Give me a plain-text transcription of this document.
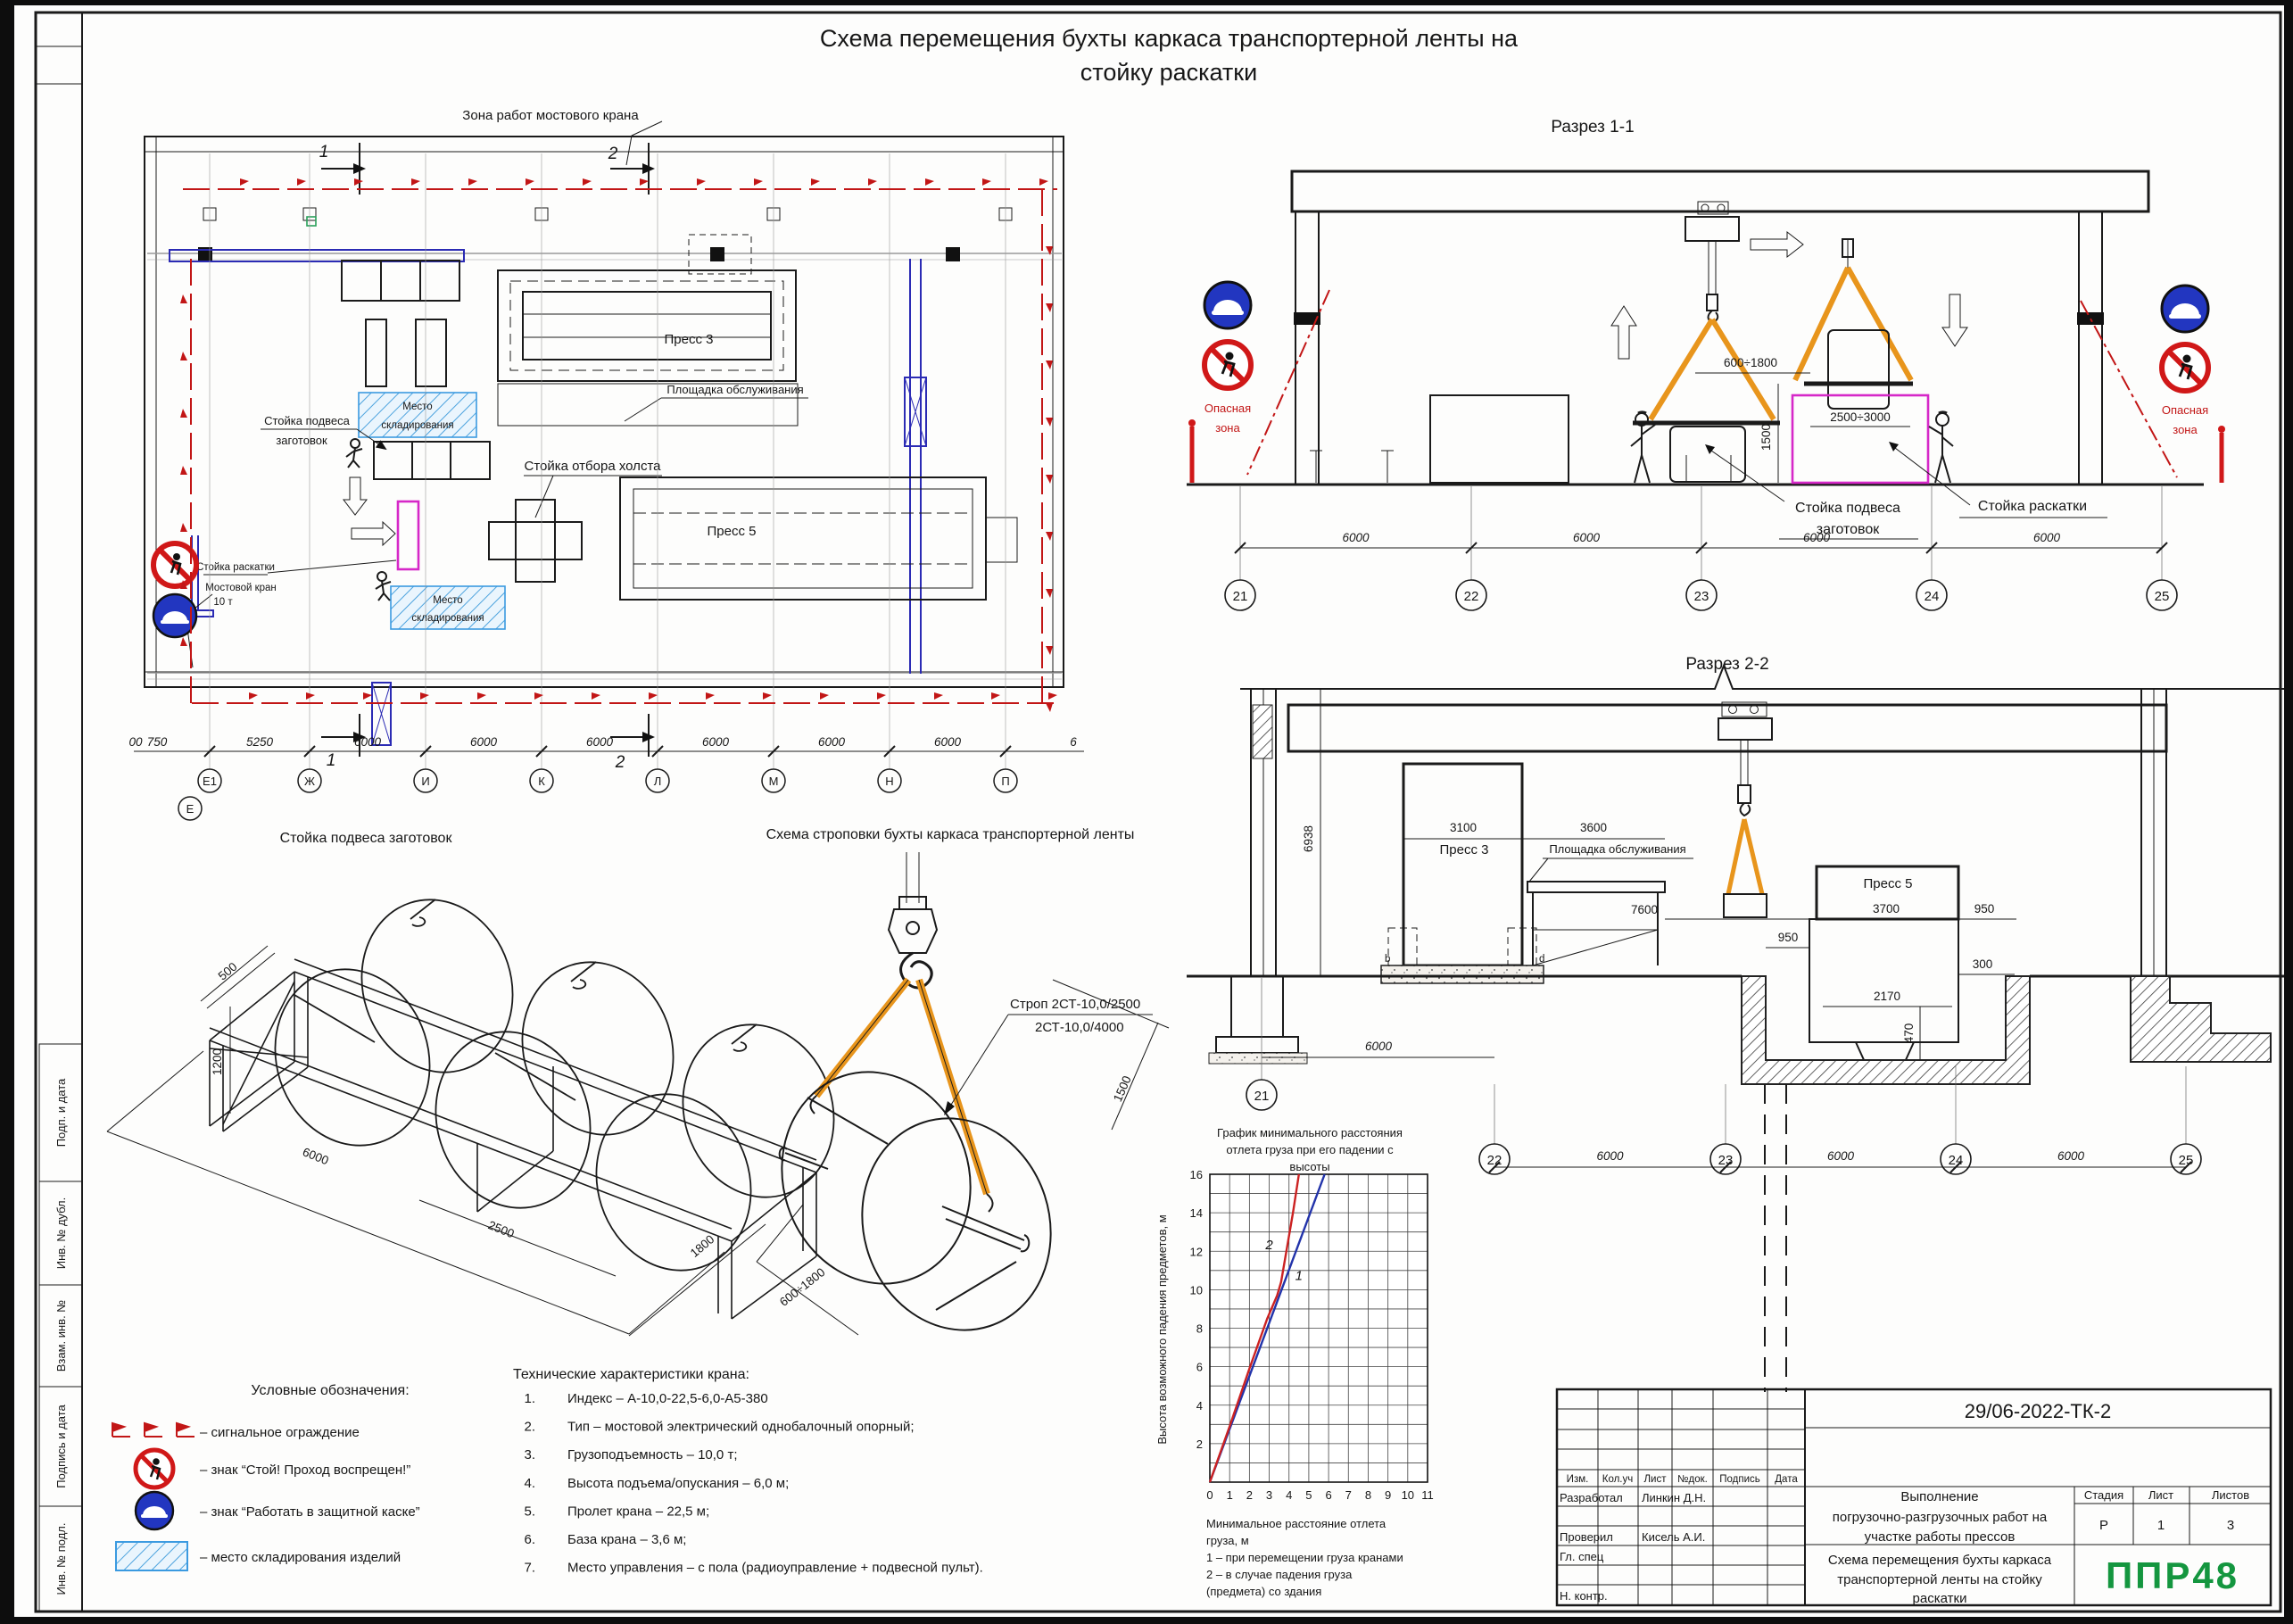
Подп. и дата
Инв. № дубл.
Взам. инв. №
Подпись и дата
Инв. № подл.
Схема перемещения бухты каркаса транспортерной ленты на
стойку раскатки
Зона работ мостового крана
Пресс 3
Площадка обслуживания
Пресс 5
Место
складирования
Место
складирования
Стойка подвеса
заготовок
Стойка отбора холста
Стойка раскатки
Мостовой кран
10 т
1	2
1	2
Е1	Ж	И	К	Л	М	Н	П
Е
00 750	5250	6000	6000	6000	6000	6000	6000	6
Разрез 1-1
2500÷3000
600÷1800
1500
Опасная
зона
Опасная
зона
Стойка подвеса
заготовок
Стойка раскатки
21	22	23	24	25
6000	6000	6000	6000
Разрез 2-2
Пресс 3
3100	3600
b	d
6938	Площадка обслуживания
Пресс 5
7600	3700	950
950
300
2170
470
21
6000
22	23	24	25
6000	6000	6000
Стойка подвеса заготовок
500
1200
6000
2500
1800
Схема строповки бухты каркаса транспортерной ленты
Строп 2СТ-10,0/2500
2СТ-10,0/4000
1500
600÷1800
Условные обозначения:
– сигнальное ограждение
– знак “Стой! Проход воспрещен!”
– знак “Работать в защитной каске”
– место складирования изделий
Технические характеристики крана:
1. Индекс – А-10,0-22,5-6,0-А5-380
2. Тип – мостовой электрический однобалочный опорный;
3. Грузоподъемность – 10,0 т;
4. Высота подъема/опускания – 6,0 м;
5. Пролет крана – 22,5 м;
6. База крана – 3,6 м;
7. Место управления – с пола (радиоуправление + подвесной пульт).
График минимального расстояния
отлета груза при его падении с
высоты
Высота возможного падения предметов, м
0 1 2 3 4 5 6 7 8 9 10 11
2
4
6
8
10
12
14
16
2
1
Минимальное расстояние отлета
груза, м
1 – при перемещении груза кранами
2 – в случае падения груза
(предмета) со здания
29/06-2022-ТК-2
Изм. Кол.уч Лист №док. Подпись Дата
Разработал Линкин Д.Н.
Проверил Кисель А.И.
Гл. спец
Н. контр.
Выполнение
погрузочно-разгрузочных работ на
участке работы прессов
Стадия Лист	Листов
Р	1	3
Схема перемещения бухты каркаса
транспортерной ленты на стойку
раскатки
ППР48
